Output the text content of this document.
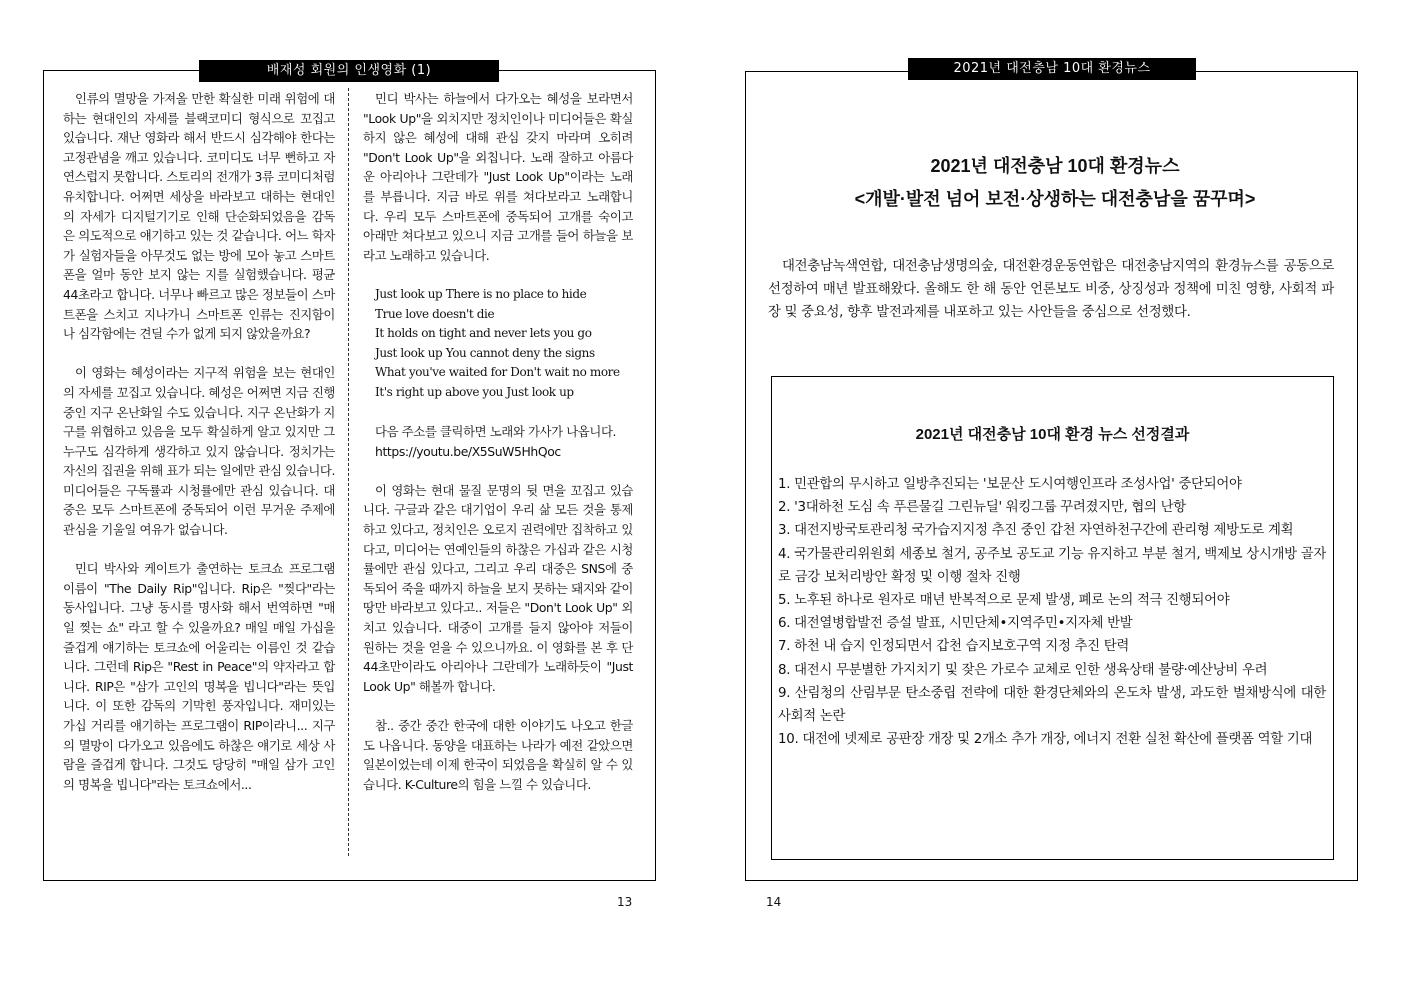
배재성 회원의 인생영화 (1)

인류의 멸망을 가져올 만한 확실한 미래 위험에 대하는 현대인의 자세를 블랙코미디 형식으로 꼬집고 있습니다. 재난 영화라 해서 반드시 심각해야 한다는 고정관념을 깨고 있습니다. 코미디도 너무 뻔하고 자연스럽지 못합니다. 스토리의 전개가 3류 코미디처럼 유치합니다. 어쩌면 세상을 바라보고 대하는 현대인의 자세가 디지털기기로 인해 단순화되었음을 감독은 의도적으로 얘기하고 있는 것 같습니다. 어느 학자가 실험자들을 아무것도 없는 방에 모아 놓고 스마트폰을 얼마 동안 보지 않는 지를 실험했습니다. 평균 44초라고 합니다. 너무나 빠르고 많은 정보들이 스마트폰을 스치고 지나가니 스마트폰 인류는 진지함이나 심각함에는 견딜 수가 없게 되지 않았을까요?

이 영화는 혜성이라는 지구적 위험을 보는 현대인의 자세를 꼬집고 있습니다. 혜성은 어쩌면 지금 진행 중인 지구 온난화일 수도 있습니다. 지구 온난화가 지구를 위협하고 있음을 모두 확실하게 알고 있지만 그 누구도 심각하게 생각하고 있지 않습니다. 정치가는 자신의 집권을 위해 표가 되는 일에만 관심 있습니다. 미디어들은 구독률과 시청률에만 관심 있습니다. 대중은 모두 스마트폰에 중독되어 이런 무거운 주제에 관심을 기울일 여유가 없습니다.

민디 박사와 케이트가 출연하는 토크쇼 프로그램 이름이 "The Daily Rip"입니다. Rip은 "찢다"라는 동사입니다. 그냥 동시를 명사화 해서 번역하면 "매일 찢는 쇼" 라고 할 수 있을까요? 매일 매일 가십을 즐겁게 얘기하는 토크쇼에 어울리는 이름인 것 같습니다. 그런데 Rip은 "Rest in Peace"의 약자라고 합니다. RIP은 "삼가 고인의 명복을 빕니다"라는 뜻입니다. 이 또한 감독의 기막힌 풍자입니다. 재미있는 가십 거리를 얘기하는 프로그램이 RIP이라니... 지구의 멸망이 다가오고 있음에도 하찮은 얘기로 세상 사람을 즐겁게 합니다. 그것도 당당히 "매일 삼가 고인의 명복을 빕니다"라는 토크쇼에서...

민디 박사는 하늘에서 다가오는 혜성을 보라면서 "Look Up"을 외치지만 정치인이나 미디어들은 확실하지 않은 혜성에 대해 관심 갖지 마라며 오히려 "Don't Look Up"을 외칩니다. 노래 잘하고 아름다운 아리아나 그란데가 "Just Look Up"이라는 노래를 부릅니다. 지금 바로 위를 쳐다보라고 노래합니다. 우리 모두 스마트폰에 중독되어 고개를 숙이고 아래만 쳐다보고 있으니 지금 고개를 들어 하늘을 보라고 노래하고 있습니다.

Just look up There is no place to hide

True love doesn't die

It holds on tight and never lets you go

Just look up You cannot deny the signs

What you've waited for Don't wait no more

It's right up above you Just look up

다음 주소를 클릭하면 노래와 가사가 나옵니다.

https://youtu.be/X5SuW5HhQoc

이 영화는 현대 물질 문명의 뒷 면을 꼬집고 있습니다. 구글과 같은 대기업이 우리 삶 모든 것을 통제하고 있다고, 정치인은 오로지 권력에만 집착하고 있다고, 미디어는 연예인들의 하찮은 가십과 같은 시청률에만 관심 있다고, 그리고 우리 대중은 SNS에 중독되어 죽을 때까지 하늘을 보지 못하는 돼지와 같이 땅만 바라보고 있다고.. 저들은 "Don't Look Up" 외치고 있습니다. 대중이 고개를 들지 않아야 저들이 원하는 것을 얻을 수 있으니까요. 이 영화를 본 후 단 44초만이라도 아리아나 그란데가 노래하듯이 "Just Look Up" 해볼까 합니다.

참.. 중간 중간 한국에 대한 이야기도 나오고 한글도 나옵니다. 동양을 대표하는 나라가 예전 같았으면 일본이었는데 이제 한국이 되었음을 확실히 알 수 있습니다. K-Culture의 힘을 느낄 수 있습니다.

13
2021년 대전충남 10대 환경뉴스
2021년 대전충남 10대 환경뉴스
<개발·발전 넘어 보전·상생하는 대전충남을 꿈꾸며>

대전충남녹색연합, 대전충남생명의숲, 대전환경운동연합은 대전충남지역의 환경뉴스를 공동으로 선정하여 매년 발표해왔다. 올해도 한 해 동안 언론보도 비중, 상징성과 정책에 미친 영향, 사회적 파장 및 중요성, 향후 발전과제를 내포하고 있는 사안들을 중심으로 선정했다.

2021년 대전충남 10대 환경 뉴스 선정결과
1. 민관합의 무시하고 일방추진되는 '보문산 도시여행인프라 조성사업' 중단되어야
2. '3대하천 도심 속 푸른물길 그린뉴딜' 워킹그룹 꾸려졌지만, 협의 난항
3. 대전지방국토관리청 국가습지지정 추진 중인 갑천 자연하천구간에 관리형 제방도로 계획
4. 국가물관리위원회 세종보 철거, 공주보 공도교 기능 유지하고 부분 철거, 백제보 상시개방 골자로 금강 보처리방안 확정 및 이행 절차 진행
5. 노후된 하나로 원자로 매년 반복적으로 문제 발생, 폐로 논의 적극 진행되어야
6. 대전열병합발전 증설 발표, 시민단체•지역주민•지자체 반발
7. 하천 내 습지 인정되면서 갑천 습지보호구역 지정 추진 탄력
8. 대전시 무분별한 가지치기 및 잦은 가로수 교체로 인한 생육상태 불량·예산낭비 우려
9. 산림청의 산림부문 탄소중립 전략에 대한 환경단체와의 온도차 발생, 과도한 벌채방식에 대한 사회적 논란
10. 대전에 넷제로 공판장 개장 및 2개소 추가 개장, 에너지 전환 실천 확산에 플랫폼 역할 기대
14
